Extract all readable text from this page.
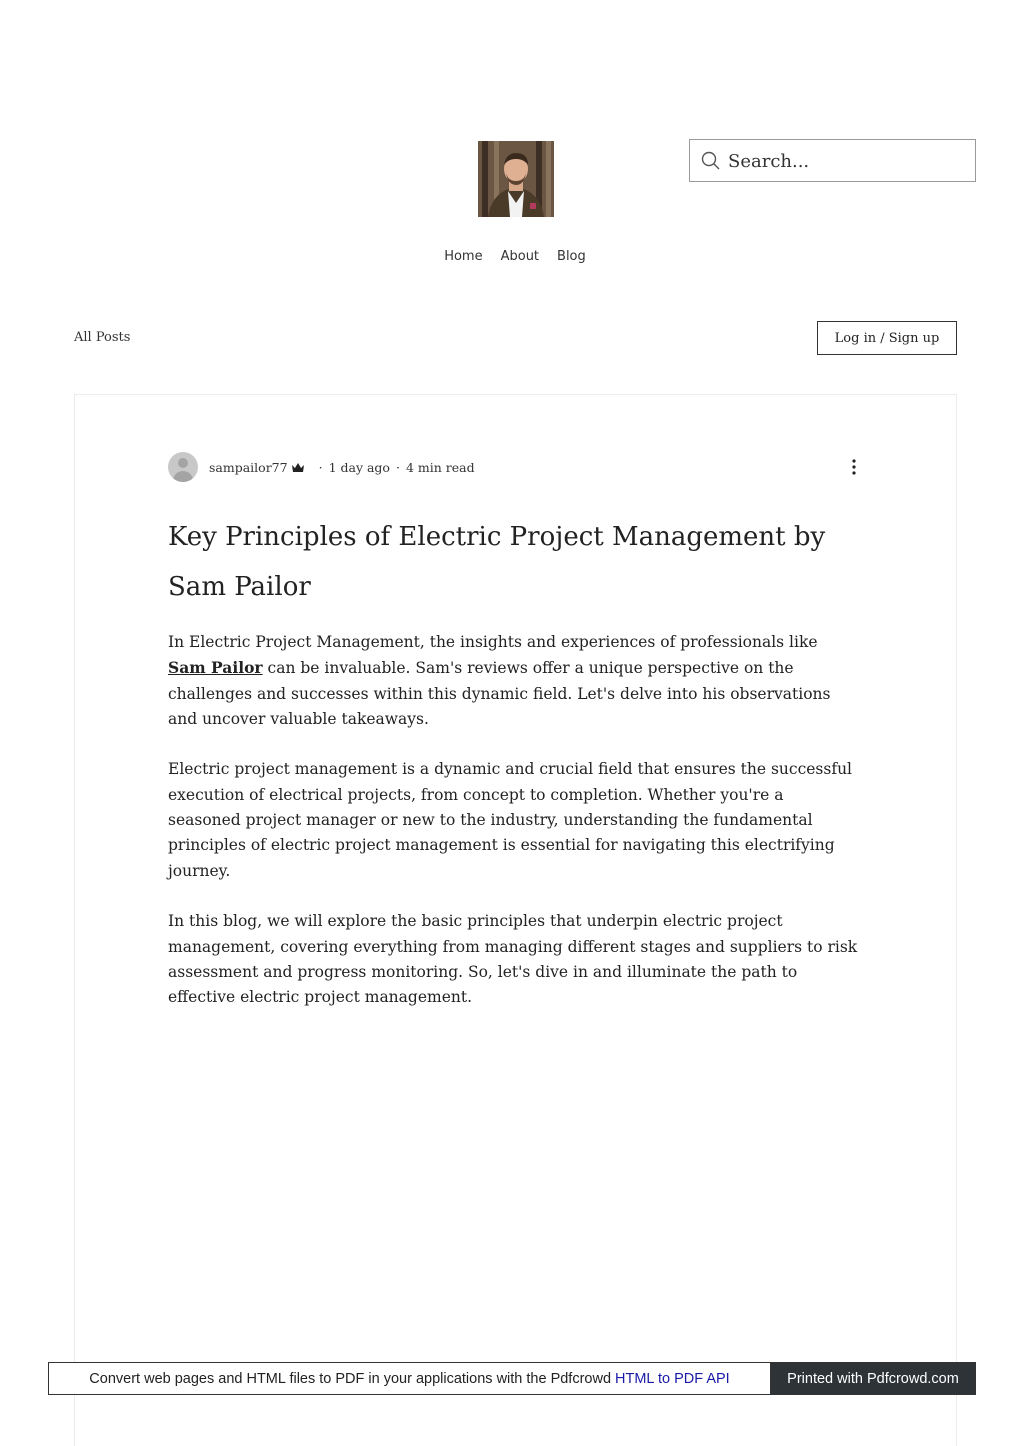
Search...
Home About Blog
All Posts	Log in / Sign up
sampailor77 · 1 day ago · 4 min read
Key Principles of Electric Project Management by Sam Pailor

In Electric Project Management, the insights and experiences of professionals like Sam Pailor can be invaluable. Sam's reviews offer a unique perspective on the challenges and successes within this dynamic field. Let's delve into his observations and uncover valuable takeaways.

Electric project management is a dynamic and crucial field that ensures the successful execution of electrical projects, from concept to completion. Whether you're a seasoned project manager or new to the industry, understanding the fundamental principles of electric project management is essential for navigating this electrifying journey.

In this blog, we will explore the basic principles that underpin electric project management, covering everything from managing different stages and suppliers to risk assessment and progress monitoring. So, let's dive in and illuminate the path to effective electric project management.

Convert web pages and HTML files to PDF in your applications with the Pdfcrowd HTML to PDF API	Printed with Pdfcrowd.com
